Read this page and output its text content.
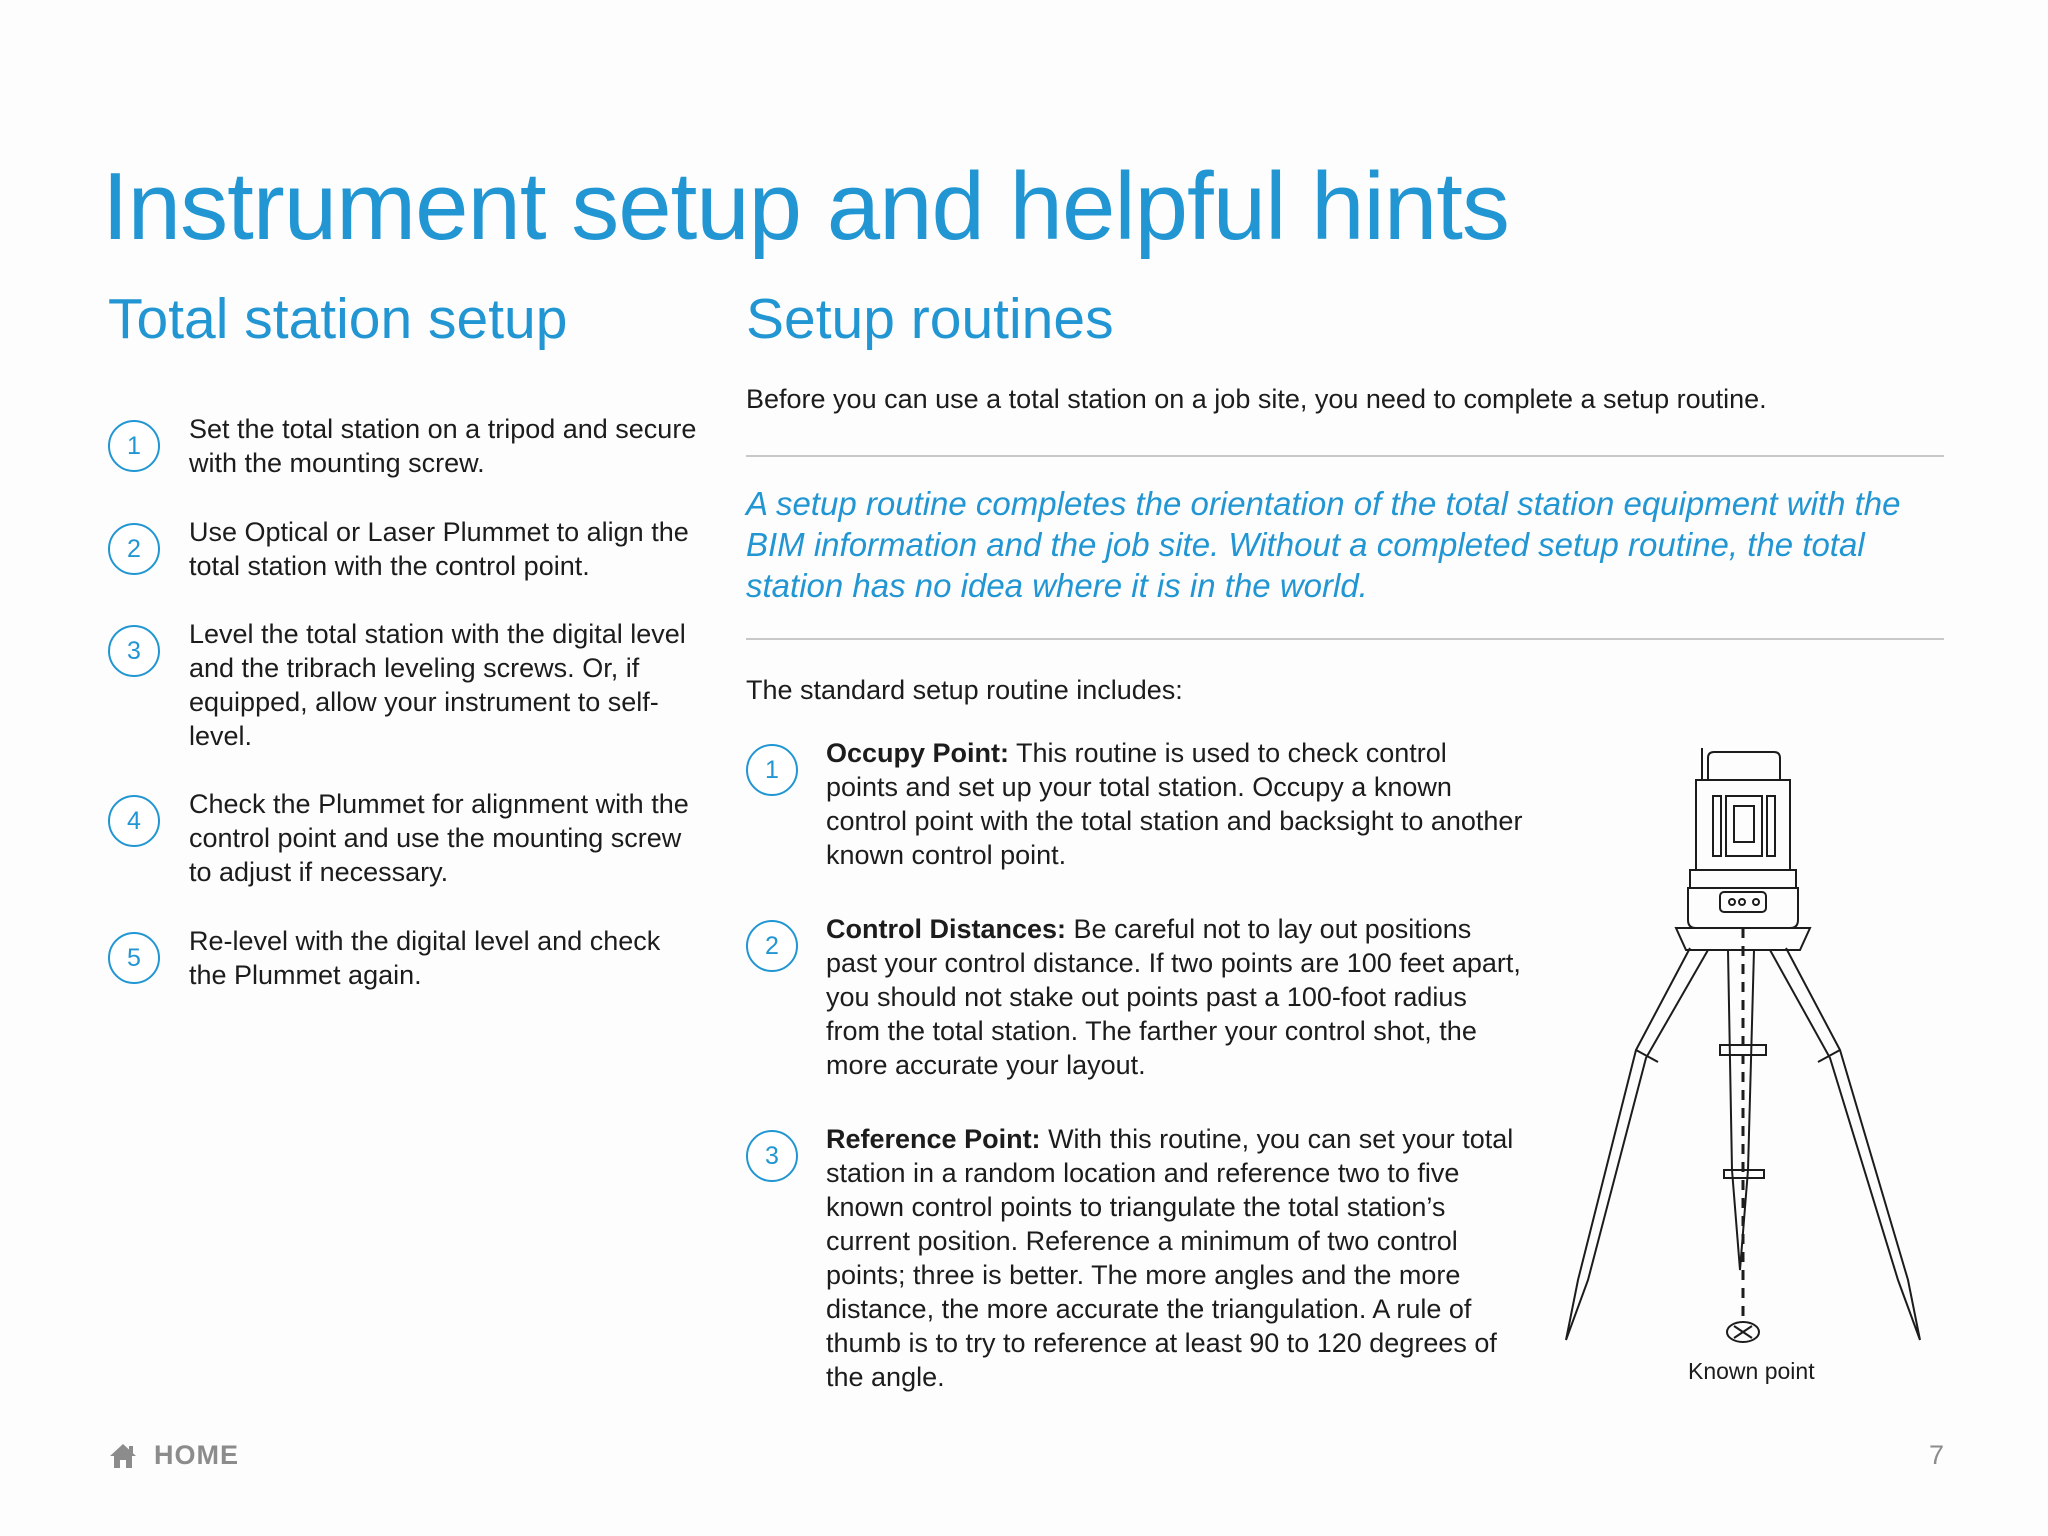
Instrument setup and helpful hints
Total station setup
1
Set the total station on a tripod and secure with the mounting screw.
2
Use Optical or Laser Plummet to align the total station with the control point.
3
Level the total station with the digital level and the tribrach leveling screws. Or, if equipped, allow your instrument to self-level.
4
Check the Plummet for alignment with the control point and use the mounting screw to adjust if necessary.
5
Re-level with the digital level and check the Plummet again.
Setup routines
Before you can use a total station on a job site, you need to complete a setup routine.
A setup routine completes the orientation of the total station equipment with the BIM information and the job site. Without a completed setup routine, the total station has no idea where it is in the world.
The standard setup routine includes:
1
Occupy Point: This routine is used to check control points and set up your total station. Occupy a known control point with the total station and backsight to another known control point.
2
Control Distances: Be careful not to lay out positions past your control distance. If two points are 100 feet apart, you should not stake out points past a 100-foot radius from the total station. The farther your control shot, the more accurate your layout.
3
Reference Point: With this routine, you can set your total station in a random location and reference two to five known control points to triangulate the total station’s current position. Reference a minimum of two control points; three is better. The more angles and the more distance, the more accurate the triangulation. A rule of thumb is to try to reference at least 90 to 120 degrees of the angle.	Known point
HOME	7
